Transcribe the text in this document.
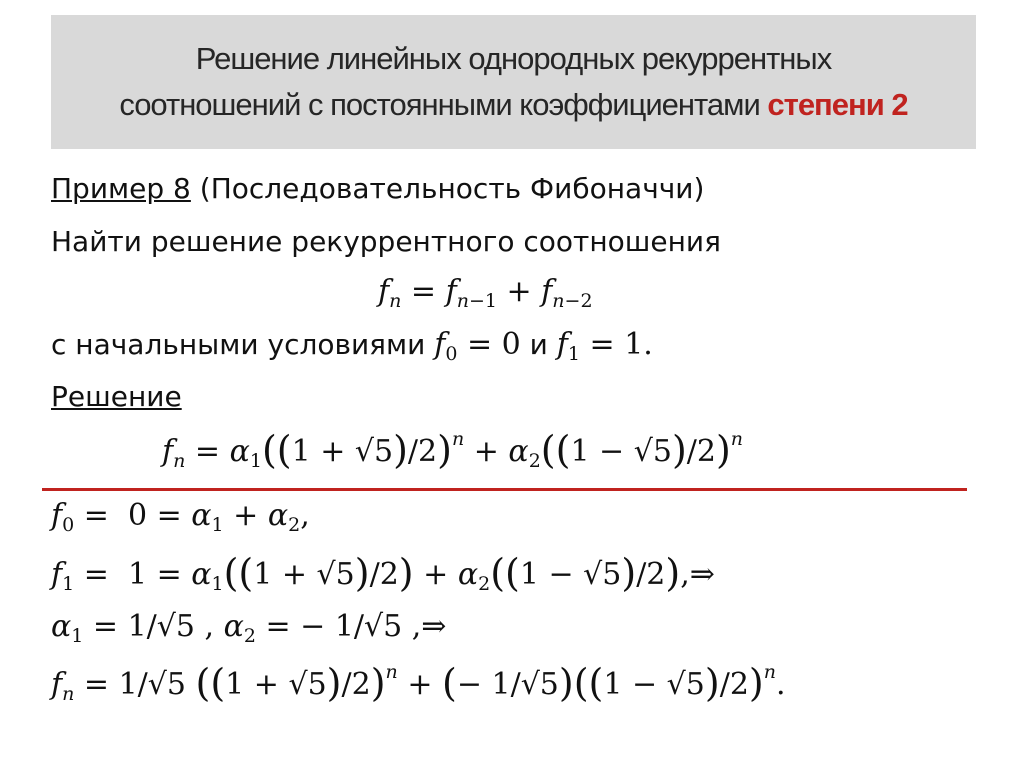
Решение линейных однородных рекуррентных
соотношений с постоянными коэффициентами степени 2
Пример 8 (Последовательность Фибоначчи)
Найти решение рекуррентного соотношения
$f_n = f_{n-1} + f_{n-2}$
с начальными условиями $f_0 = 0$ и $f_1 = 1$.
Решение
$f_n = \alpha_1((1 + √5)/2)^n + \alpha_2((1 - √5)/2)^n$
$f_0 = 0 = \alpha_1 + \alpha_2$,
$f_1 = 1 = \alpha_1((1 + √5)/2) + \alpha_2((1$ − √5)/2),⇒
$\alpha_1 = 1/√5$ , $\alpha_2$ = − 1/√5 ,⇒
$f_n = 1/√5$ $((1 + √5)/2)^n$ + (− $1/√5)((1 - √5)/2)^n$.
